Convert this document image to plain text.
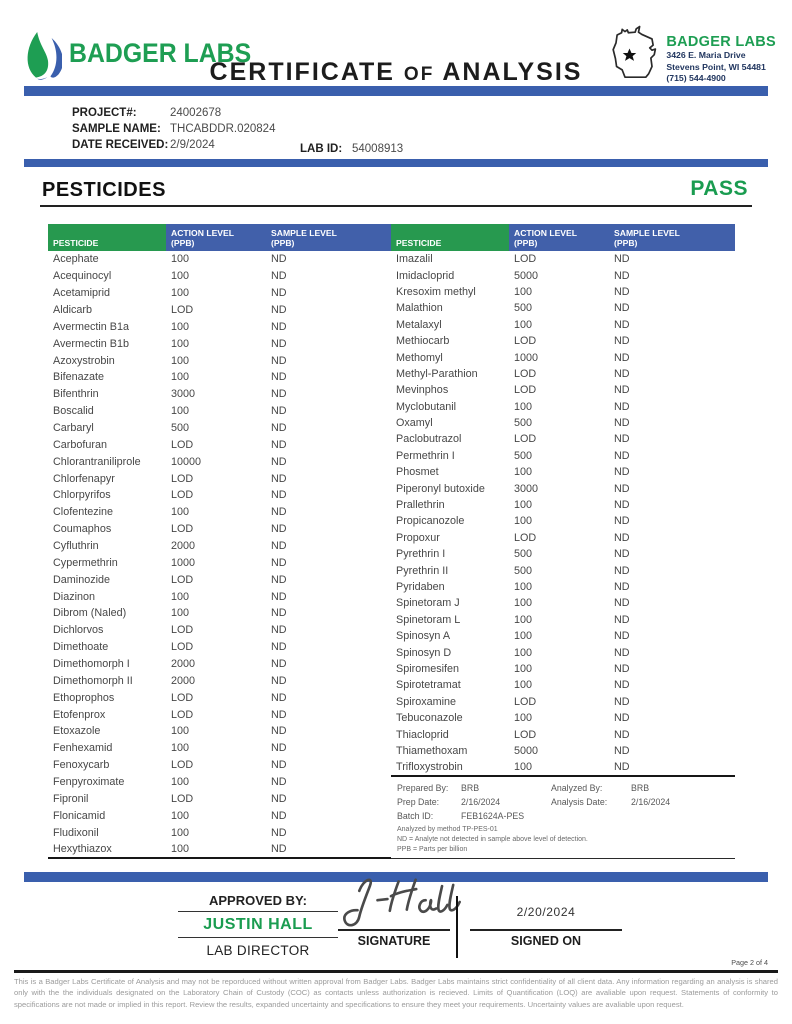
BADGER LABS
CERTIFICATE OF ANALYSIS
BADGER LABS
3426 E. Maria Drive
Stevens Point, WI 54481
(715) 544-4900
PROJECT#:	24002678
SAMPLE NAME: THCABDDR.020824
DATE RECEIVED: 2/9/2024	LAB ID: 54008913
PESTICIDES	PASS
PESTICIDE

ACTION LEVEL
(PPB)

SAMPLE LEVEL
(PPB)

Acephate	100	ND
Acequinocyl	100	ND
Acetamiprid	100	ND
Aldicarb	LOD	ND
Avermectin B1a	100	ND
Avermectin B1b	100	ND
Azoxystrobin	100	ND
Bifenazate	100	ND
Bifenthrin	3000	ND
Boscalid	100	ND
Carbaryl	500	ND
Carbofuran	LOD	ND
Chlorantraniliprole	10000	ND
Chlorfenapyr	LOD	ND
Chlorpyrifos	LOD	ND
Clofentezine	100	ND
Coumaphos	LOD	ND
Cyfluthrin	2000	ND
Cypermethrin	1000	ND
Daminozide	LOD	ND
Diazinon	100	ND
Dibrom (Naled)	100	ND
Dichlorvos	LOD	ND
Dimethoate	LOD	ND
Dimethomorph I	2000	ND
Dimethomorph II	2000	ND
Ethoprophos	LOD	ND
Etofenprox	LOD	ND
Etoxazole	100	ND
Fenhexamid	100	ND
Fenoxycarb	LOD	ND
Fenpyroximate	100	ND
Fipronil	LOD	ND
Flonicamid	100	ND
Fludixonil	100	ND
Hexythiazox	100	ND
PESTICIDE

ACTION LEVEL
(PPB)

SAMPLE LEVEL
(PPB)

Imazalil	LOD	ND
Imidacloprid	5000	ND
Kresoxim methyl	100	ND
Malathion	500	ND
Metalaxyl	100	ND
Methiocarb	LOD	ND
Methomyl	1000	ND
Methyl-Parathion	LOD	ND
Mevinphos	LOD	ND
Myclobutanil	100	ND
Oxamyl	500	ND
Paclobutrazol	LOD	ND
Permethrin I	500	ND
Phosmet	100	ND
Piperonyl butoxide	3000	ND
Prallethrin	100	ND
Propicanozole	100	ND
Propoxur	LOD	ND
Pyrethrin I	500	ND
Pyrethrin II	500	ND
Pyridaben	100	ND
Spinetoram J	100	ND
Spinetoram L	100	ND
Spinosyn A	100	ND
Spinosyn D	100	ND
Spiromesifen	100	ND
Spirotetramat	100	ND
Spiroxamine	LOD	ND
Tebuconazole	100	ND
Thiacloprid	LOD	ND
Thiamethoxam	5000	ND
Trifloxystrobin	100	ND
Prepared By:	BRB	Analyzed By:	BRB
Prep Date:	2/16/2024	Analysis Date:	2/16/2024
Batch ID:	FEB1624A-PES
Analyzed by method TP-PES-01
ND = Analyte not detected in sample above level of detection.
PPB = Parts per billion
APPROVED BY:
JUSTIN HALL
LAB DIRECTOR
SIGNATURE
2/20/2024
SIGNED ON
Page 2 of 4
This is a Badger Labs Certificate of Analysis and may not be reporduced without written approval from Badger Labs. Badger Labs maintains strict confidentiality of all client data. Any information regarding an analysis is shared only with the the individuals designated on the Laboratory Chain of Custody (COC) as contacts unless authorization is recieved. Limits of Quantification (LOQ) are avaliable upon request. Statements of conformity to specifications are not made or implied in this report. Review the results, expanded uncertainty and specifications to ensure they meet your requirements. Uncertainty values are avaliable upon request.
